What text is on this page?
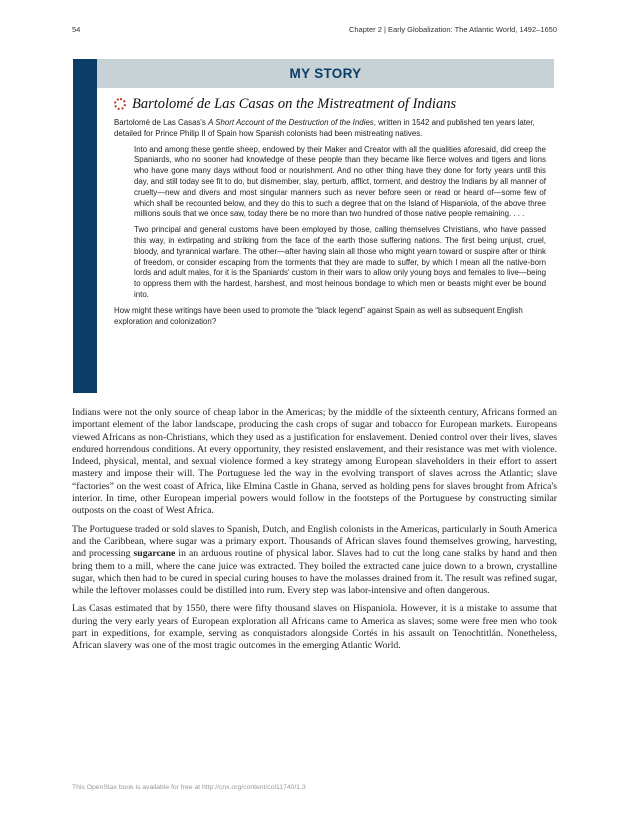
54	Chapter 2 | Early Globalization: The Atlantic World, 1492–1650
MY STORY
Bartolomé de Las Casas on the Mistreatment of Indians

Bartolomé de Las Casas's A Short Account of the Destruction of the Indies, written in 1542 and published ten years later, detailed for Prince Philip II of Spain how Spanish colonists had been mistreating natives.

Into and among these gentle sheep, endowed by their Maker and Creator with all the qualities aforesaid, did creep the Spaniards, who no sooner had knowledge of these people than they became like fierce wolves and tigers and lions who have gone many days without food or nourishment. And no other thing have they done for forty years until this day, and still today see fit to do, but dismember, slay, perturb, afflict, torment, and destroy the Indians by all manner of cruelty—new and divers and most singular manners such as never before seen or read or heard of—some few of which shall be recounted below, and they do this to such a degree that on the Island of Hispaniola, of the above three millions souls that we once saw, today there be no more than two hundred of those native people remaining. . . .

Two principal and general customs have been employed by those, calling themselves Christians, who have passed this way, in extirpating and striking from the face of the earth those suffering nations. The first being unjust, cruel, bloody, and tyrannical warfare. The other—after having slain all those who might yearn toward or suspire after or think of freedom, or consider escaping from the torments that they are made to suffer, by which I mean all the native-born lords and adult males, for it is the Spaniards' custom in their wars to allow only young boys and females to live—being to oppress them with the hardest, harshest, and most heinous bondage to which men or beasts might ever be bound into.

How might these writings have been used to promote the “black legend” against Spain as well as subsequent English exploration and colonization?

Indians were not the only source of cheap labor in the Americas; by the middle of the sixteenth century, Africans formed an important element of the labor landscape, producing the cash crops of sugar and tobacco for European markets. Europeans viewed Africans as non-Christians, which they used as a justification for enslavement. Denied control over their lives, slaves endured horrendous conditions. At every opportunity, they resisted enslavement, and their resistance was met with violence. Indeed, physical, mental, and sexual violence formed a key strategy among European slaveholders in their effort to assert mastery and impose their will. The Portuguese led the way in the evolving transport of slaves across the Atlantic; slave “factories” on the west coast of Africa, like Elmina Castle in Ghana, served as holding pens for slaves brought from Africa's interior. In time, other European imperial powers would follow in the footsteps of the Portuguese by constructing similar outposts on the coast of West Africa.

The Portuguese traded or sold slaves to Spanish, Dutch, and English colonists in the Americas, particularly in South America and the Caribbean, where sugar was a primary export. Thousands of African slaves found themselves growing, harvesting, and processing sugarcane in an arduous routine of physical labor. Slaves had to cut the long cane stalks by hand and then bring them to a mill, where the cane juice was extracted. They boiled the extracted cane juice down to a brown, crystalline sugar, which then had to be cured in special curing houses to have the molasses drained from it. The result was refined sugar, while the leftover molasses could be distilled into rum. Every step was labor-intensive and often dangerous.

Las Casas estimated that by 1550, there were fifty thousand slaves on Hispaniola. However, it is a mistake to assume that during the very early years of European exploration all Africans came to America as slaves; some were free men who took part in expeditions, for example, serving as conquistadors alongside Cortés in his assault on Tenochtitlán. Nonetheless, African slavery was one of the most tragic outcomes in the emerging Atlantic World.

This OpenStax book is available for free at http://cnx.org/content/col11740/1.3
